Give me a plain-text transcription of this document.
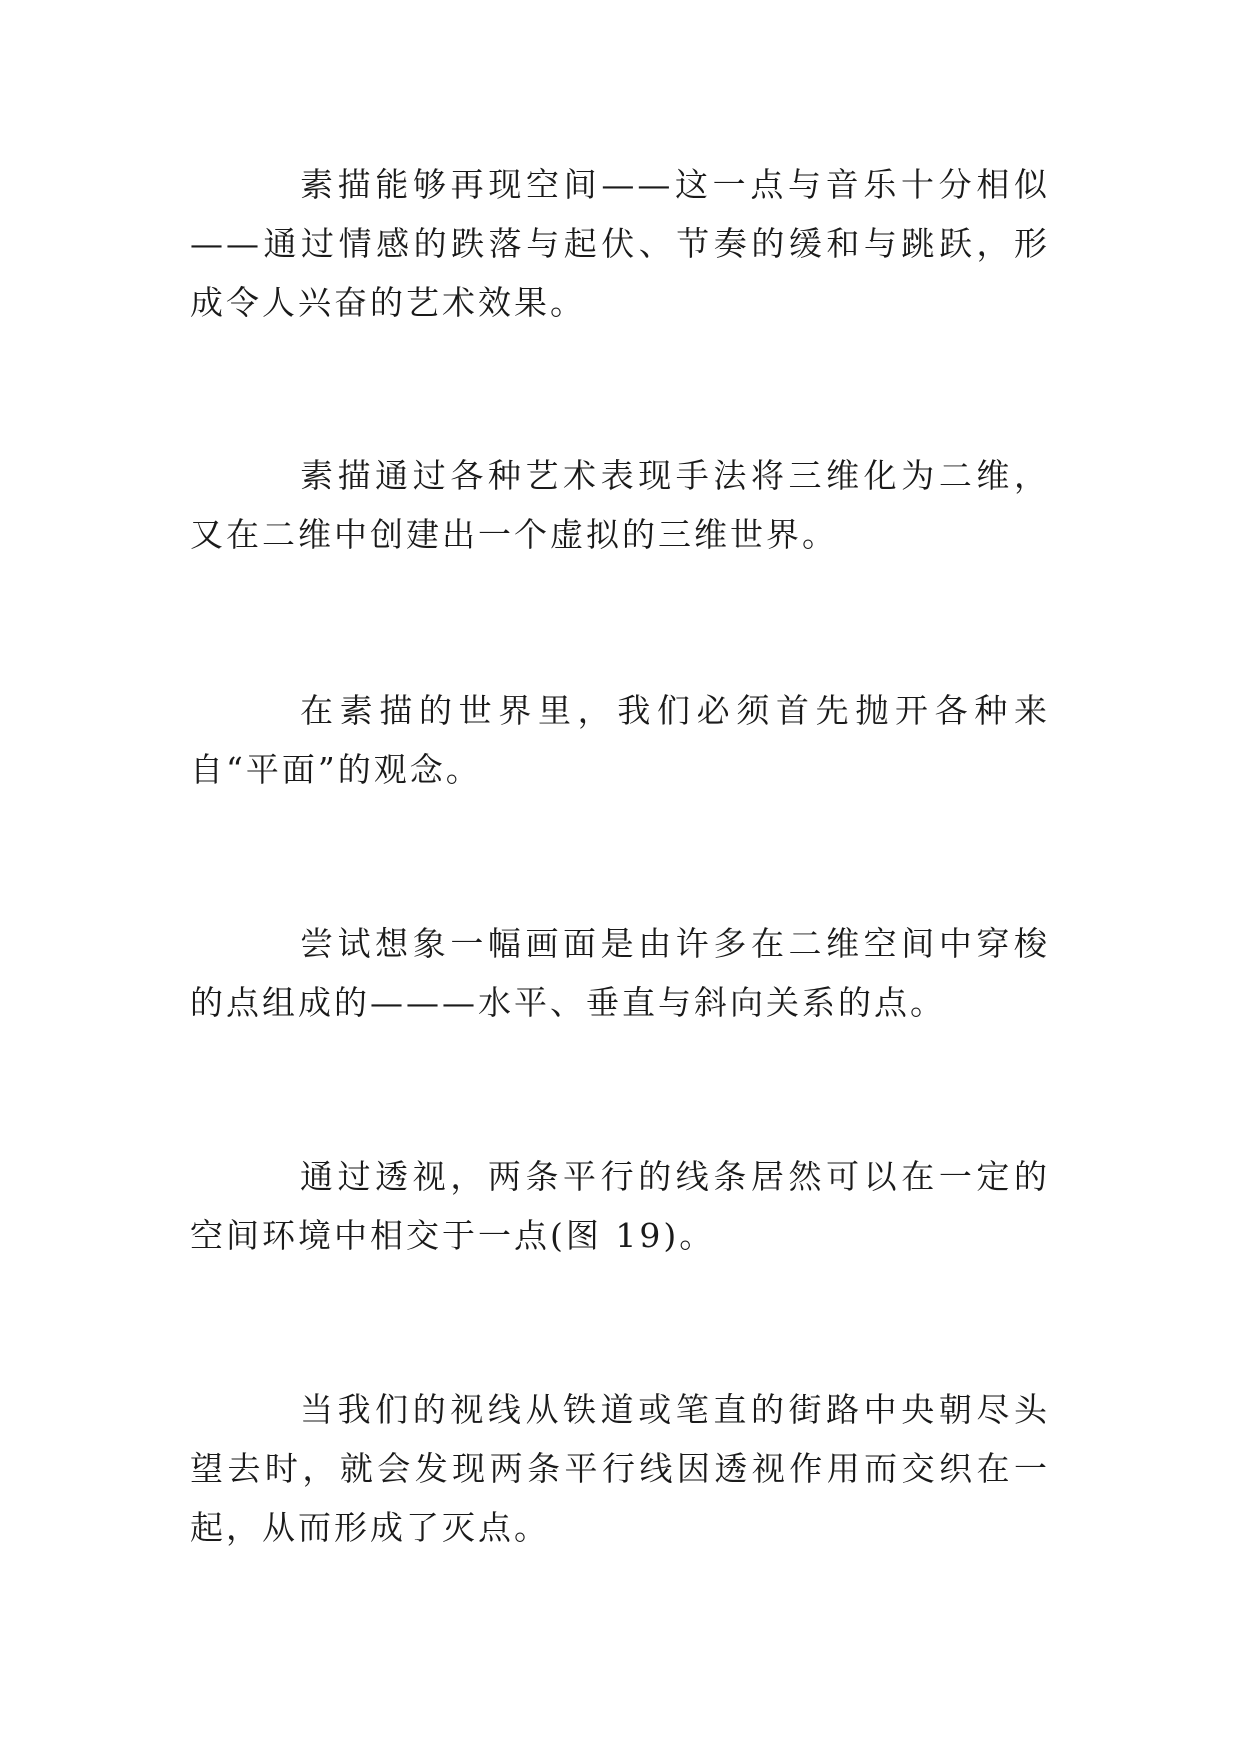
素描能够再现空间——这一点与音乐十分相似——通过情感的跌落与起伏、节奏的缓和与跳跃，形成令人兴奋的艺术效果。

素描通过各种艺术表现手法将三维化为二维，又在二维中创建出一个虚拟的三维世界。

在素描的世界里，我们必须首先抛开各种来自“平面”的观念。

尝试想象一幅画面是由许多在二维空间中穿梭的点组成的———水平、垂直与斜向关系的点。

通过透视，两条平行的线条居然可以在一定的空间环境中相交于一点(图 19)。

当我们的视线从铁道或笔直的街路中央朝尽头望去时，就会发现两条平行线因透视作用而交织在一起，从而形成了灭点。
